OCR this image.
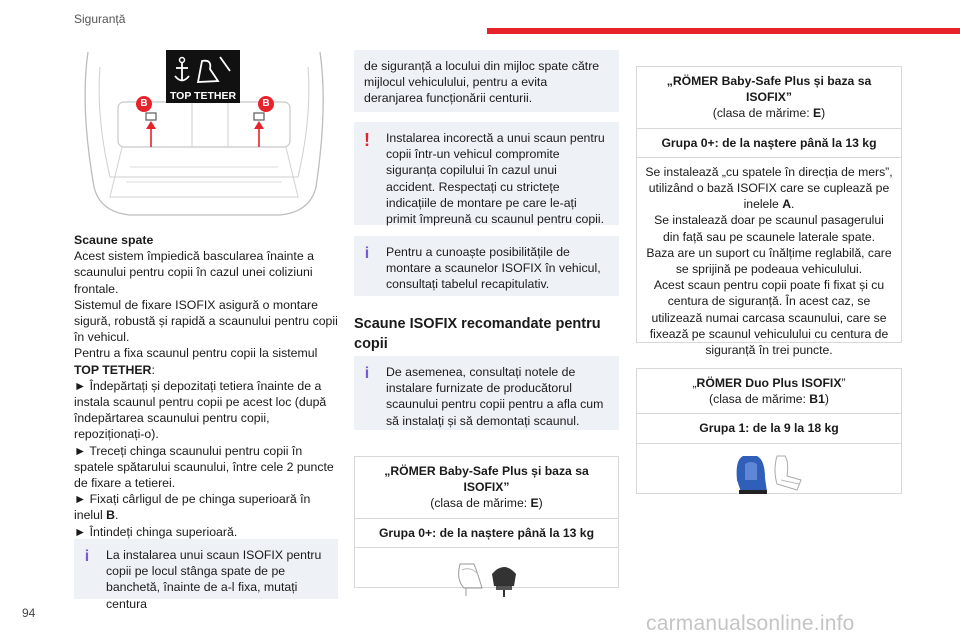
Siguranță
TOP TETHER
B	B

Scaune spate

Acest sistem împiedică bascularea înainte a scaunului pentru copii în cazul unei coliziuni frontale.

Sistemul de fixare ISOFIX asigură o montare sigură, robustă și rapidă a scaunului pentru copii în vehicul.

Pentru a fixa scaunul pentru copii la sistemul TOP TETHER:

► Îndepărtați și depozitați tetiera înainte de a instala scaunul pentru copii pe acest loc (după îndepărtarea scaunului pentru copii, repoziționați-o).

► Treceți chinga scaunului pentru copii în spatele spătarului scaunului, între cele 2 puncte de fixare a tetierei.

► Fixați cârligul de pe chinga superioară în inelul B.

► Întindeți chinga superioară.

i	La instalarea unui scaun ISOFIX pentru copii pe locul stânga spate de pe banchetă, înainte de a-l fixa, mutați centura
de siguranță a locului din mijloc spate către mijlocul vehiculului, pentru a evita deranjarea funcționării centurii.
!	Instalarea incorectă a unui scaun pentru copii într-un vehicul compromite siguranța copilului în cazul unui accident. Respectați cu strictețe indicațiile de montare pe care le-ați primit împreună cu scaunul pentru copii.
i	Pentru a cunoaște posibilitățile de montare a scaunelor ISOFIX în vehicul, consultați tabelul recapitulativ.
Scaune ISOFIX recomandate pentru copii
i	De asemenea, consultați notele de instalare furnizate de producătorul scaunului pentru copii pentru a afla cum să instalați și să demontați scaunul.
„RÖMER Baby-Safe Plus și baza sa ISOFIX”
(clasa de mărime: E)
Grupa 0+: de la naștere până la 13 kg
„RÖMER Baby-Safe Plus și baza sa ISOFIX”
(clasa de mărime: E)
Grupa 0+: de la naștere până la 13 kg
Se instalează „cu spatele în direcția de mers”, utilizând o bază ISOFIX care se cuplează pe inelele A.
Se instalează doar pe scaunul pasagerului din față sau pe scaunele laterale spate.
Baza are un suport cu înălțime reglabilă, care se sprijină pe podeaua vehiculului.
Acest scaun pentru copii poate fi fixat și cu centura de siguranță. În acest caz, se utilizează numai carcasa scaunului, care se fixează pe scaunul vehiculului cu centura de siguranță în trei puncte.
„RÖMER Duo Plus ISOFIX”
(clasa de mărime: B1)
Grupa 1: de la 9 la 18 kg
94	carmanualsonline.info
